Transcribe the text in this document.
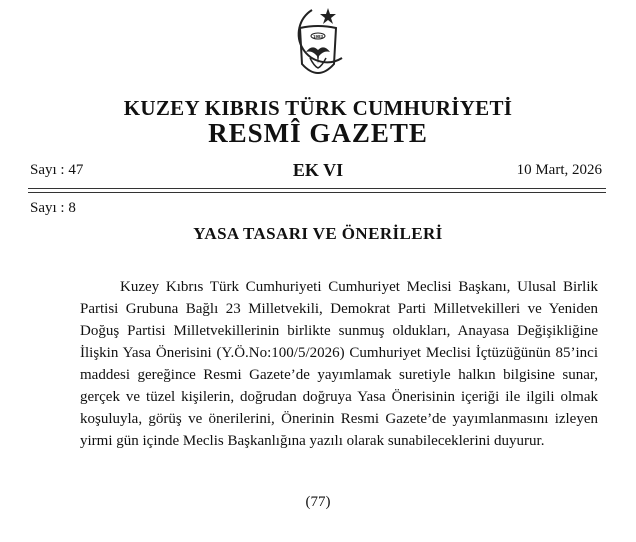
1983
KUZEY KIBRIS TÜRK CUMHURİYETİ
RESMÎ GAZETE
Sayı : 47	EK VI	10 Mart, 2026
Sayı : 8
YASA TASARI VE ÖNERİLERİ

Kuzey Kıbrıs Türk Cumhuriyeti Cumhuriyet Meclisi Başkanı, Ulusal Birlik Partisi Grubuna Bağlı 23 Milletvekili, Demokrat Parti Milletvekilleri ve Yeniden Doğuş Partisi Milletvekillerinin birlikte sunmuş oldukları, Anayasa Değişikliğine İlişkin Yasa Önerisini (Y.Ö.No:100/5/2026) Cumhuriyet Meclisi İçtüzüğünün 85’inci maddesi gereğince Resmi Gazete’de yayımlamak suretiyle halkın bilgisine sunar, gerçek ve tüzel kişilerin, doğrudan doğruya Yasa Önerisinin içeriği ile ilgili olmak koşuluyla, görüş ve önerilerini, Önerinin Resmi Gazete’de yayımlanmasını izleyen yirmi gün içinde Meclis Başkanlığına yazılı olarak sunabileceklerini duyurur.

(77)
